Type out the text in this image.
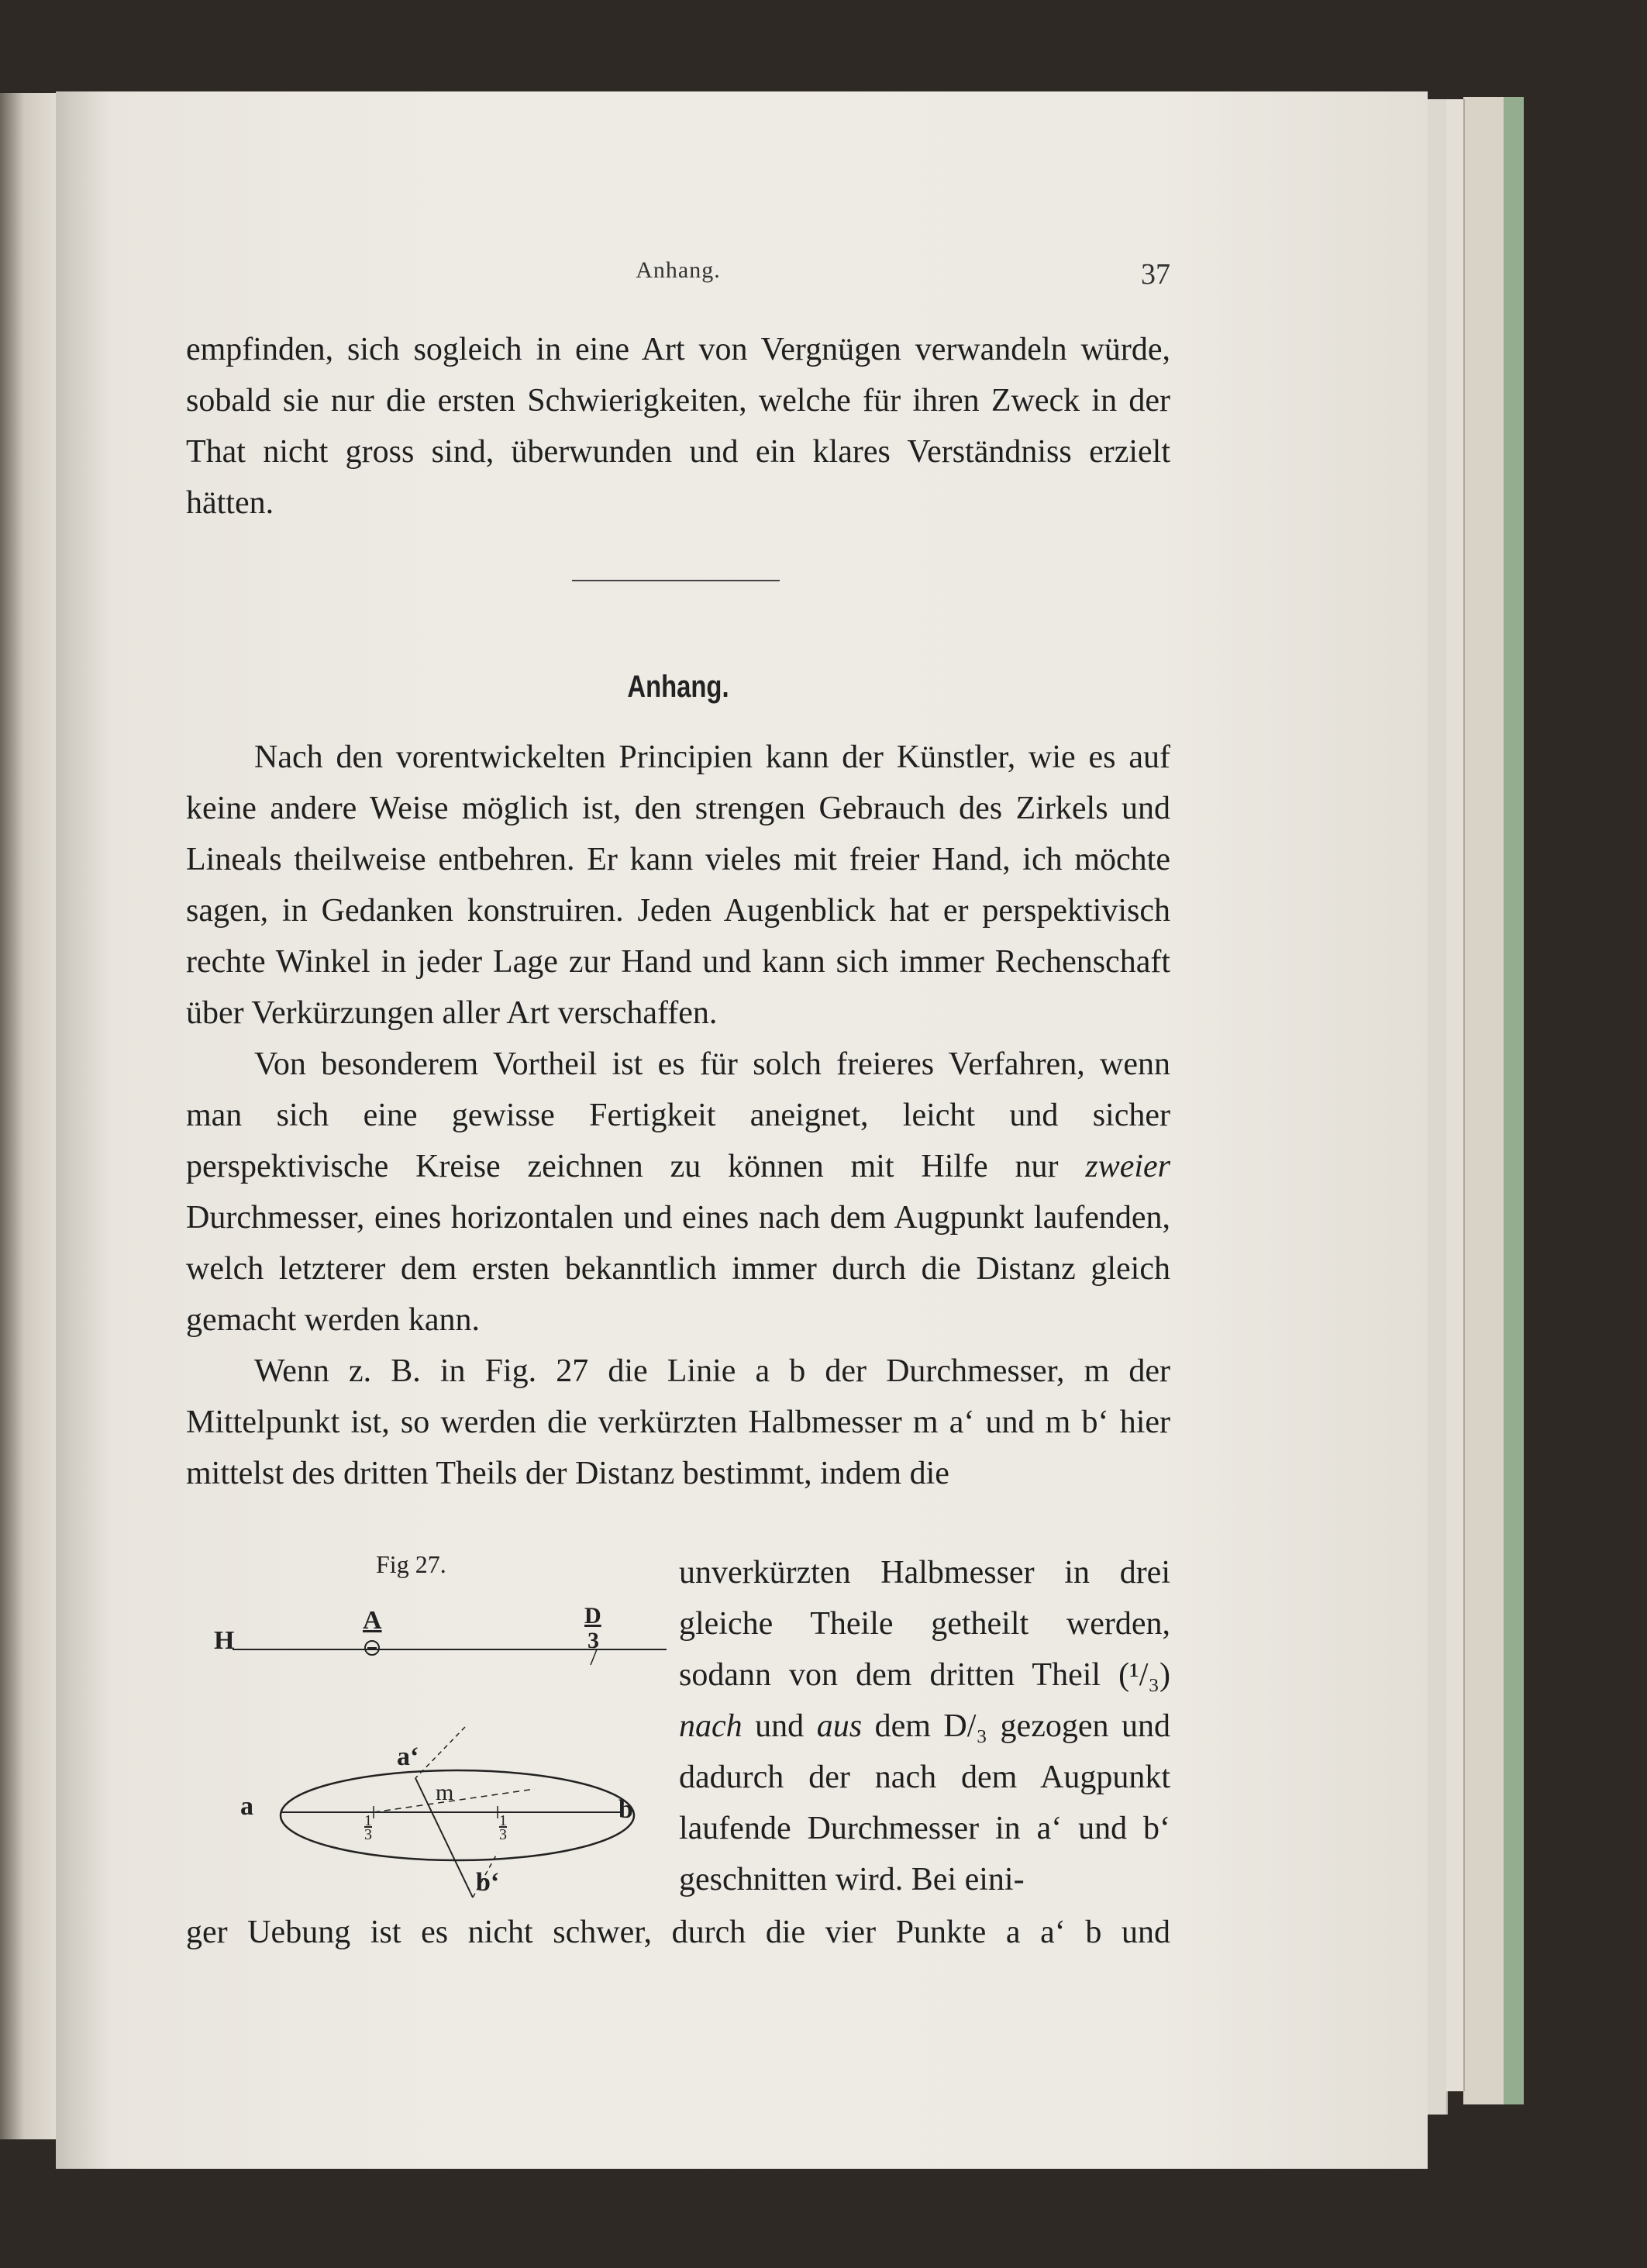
Anhang.	37

empfinden, sich sogleich in eine Art von Vergnügen verwandeln würde, sobald sie nur die ersten Schwierigkeiten, welche für ihren Zweck in der That nicht gross sind, überwunden und ein klares Verständniss erzielt hätten.

Anhang.

Nach den vorentwickelten Principien kann der Künstler, wie es auf keine andere Weise möglich ist, den strengen Gebrauch des Zirkels und Lineals theilweise entbehren. Er kann vieles mit freier Hand, ich möchte sagen, in Gedanken konstruiren. Jeden Augenblick hat er perspektivisch rechte Winkel in jeder Lage zur Hand und kann sich immer Rechenschaft über Verkürzungen aller Art verschaffen.

Von besonderem Vortheil ist es für solch freieres Verfahren, wenn man sich eine gewisse Fertigkeit aneignet, leicht und sicher perspektivische Kreise zeichnen zu können mit Hilfe nur zweier Durchmesser, eines horizontalen und eines nach dem Augpunkt laufenden, welch letzterer dem ersten bekanntlich immer durch die Distanz gleich gemacht werden kann.

Wenn z. B. in Fig. 27 die Linie a b der Durchmesser, m der Mittelpunkt ist, so werden die verkürzten Halbmesser m a‘ und m b‘ hier mittelst des dritten Theils der Distanz bestimmt, indem die

Fig 27.
H
A	D
3
a‘
a	m
b
b‘
1
3
1
3

unverkürzten Halbmesser in drei gleiche Theile getheilt werden, sodann von dem dritten Theil (¹/₃) nach und aus dem D/₃ gezogen und dadurch der nach dem Augpunkt laufende Durchmesser in a‘ und b‘ geschnitten wird. Bei eini-

ger Uebung ist es nicht schwer, durch die vier Punkte a a‘ b und
